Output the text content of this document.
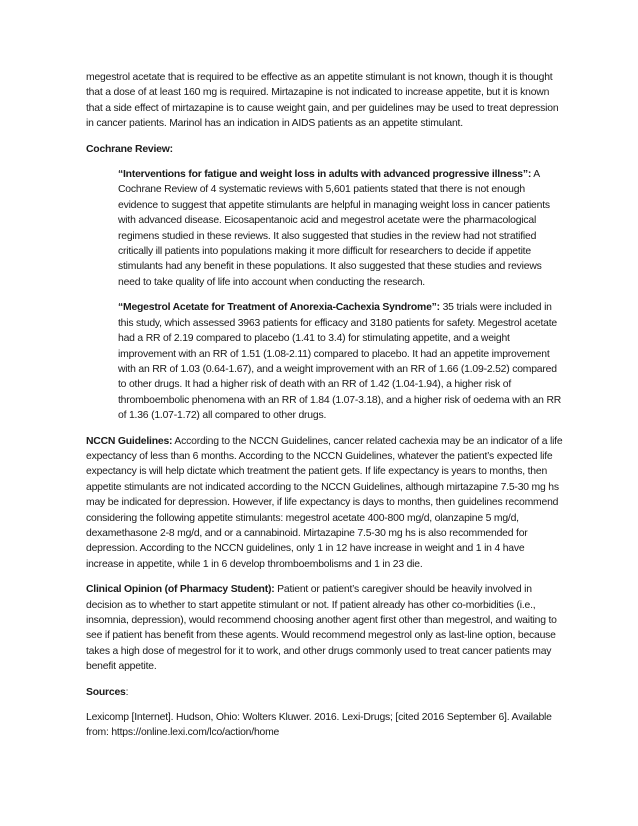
megestrol acetate that is required to be effective as an appetite stimulant is not known, though it is thought that a dose of at least 160 mg is required. Mirtazapine is not indicated to increase appetite, but it is known that a side effect of mirtazapine is to cause weight gain, and per guidelines may be used to treat depression in cancer patients. Marinol has an indication in AIDS patients as an appetite stimulant.

Cochrane Review:

“Interventions for fatigue and weight loss in adults with advanced progressive illness”: A Cochrane Review of 4 systematic reviews with 5,601 patients stated that there is not enough evidence to suggest that appetite stimulants are helpful in managing weight loss in cancer patients with advanced disease. Eicosapentanoic acid and megestrol acetate were the pharmacological regimens studied in these reviews. It also suggested that studies in the review had not stratified critically ill patients into populations making it more difficult for researchers to decide if appetite stimulants had any benefit in these populations. It also suggested that these studies and reviews need to take quality of life into account when conducting the research.

“Megestrol Acetate for Treatment of Anorexia-Cachexia Syndrome”: 35 trials were included in this study, which assessed 3963 patients for efficacy and 3180 patients for safety. Megestrol acetate had a RR of 2.19 compared to placebo (1.41 to 3.4) for stimulating appetite, and a weight improvement with an RR of 1.51 (1.08-2.11) compared to placebo. It had an appetite improvement with an RR of 1.03 (0.64-1.67), and a weight improvement with an RR of 1.66 (1.09-2.52) compared to other drugs. It had a higher risk of death with an RR of 1.42 (1.04-1.94), a higher risk of thromboembolic phenomena with an RR of 1.84 (1.07-3.18), and a higher risk of oedema with an RR of 1.36 (1.07-1.72) all compared to other drugs.

NCCN Guidelines: According to the NCCN Guidelines, cancer related cachexia may be an indicator of a life expectancy of less than 6 months. According to the NCCN Guidelines, whatever the patient’s expected life expectancy is will help dictate which treatment the patient gets. If life expectancy is years to months, then appetite stimulants are not indicated according to the NCCN Guidelines, although mirtazapine 7.5-30 mg hs may be indicated for depression. However, if life expectancy is days to months, then guidelines recommend considering the following appetite stimulants: megestrol acetate 400-800 mg/d, olanzapine 5 mg/d, dexamethasone 2-8 mg/d, and or a cannabinoid. Mirtazapine 7.5-30 mg hs is also recommended for depression. According to the NCCN guidelines, only 1 in 12 have increase in weight and 1 in 4 have increase in appetite, while 1 in 6 develop thromboembolisms and 1 in 23 die.

Clinical Opinion (of Pharmacy Student): Patient or patient’s caregiver should be heavily involved in decision as to whether to start appetite stimulant or not. If patient already has other co-morbidities (i.e., insomnia, depression), would recommend choosing another agent first other than megestrol, and waiting to see if patient has benefit from these agents. Would recommend megestrol only as last-line option, because takes a high dose of megestrol for it to work, and other drugs commonly used to treat cancer patients may benefit appetite.

Sources:

Lexicomp [Internet]. Hudson, Ohio: Wolters Kluwer. 2016. Lexi-Drugs; [cited 2016 September 6]. Available from: https://online.lexi.com/lco/action/home
